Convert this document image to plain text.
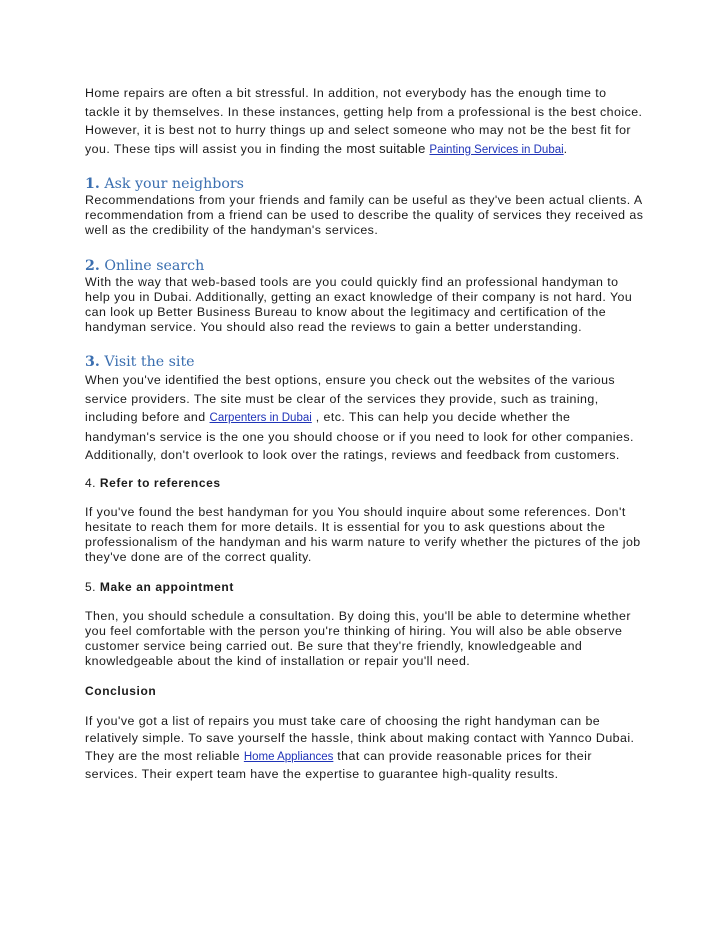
Home repairs are often a bit stressful. In addition, not everybody has the enough time to tackle it by themselves. In these instances, getting help from a professional is the best choice. However, it is best not to hurry things up and select someone who may not be the best fit for you. These tips will assist you in finding the most suitable Painting Services in Dubai.

1. Ask your neighbors

Recommendations from your friends and family can be useful as they've been actual clients. A recommendation from a friend can be used to describe the quality of services they received as well as the credibility of the handyman's services.

2. Online search

With the way that web-based tools are you could quickly find an professional handyman to help you in Dubai. Additionally, getting an exact knowledge of their company is not hard. You can look up Better Business Bureau to know about the legitimacy and certification of the handyman service. You should also read the reviews to gain a better understanding.

3. Visit the site

When you've identified the best options, ensure you check out the websites of the various service providers. The site must be clear of the services they provide, such as training, including before and Carpenters in Dubai , etc. This can help you decide whether the handyman's service is the one you should choose or if you need to look for other companies. Additionally, don't overlook to look over the ratings, reviews and feedback from customers.

4. Refer to references

If you've found the best handyman for you You should inquire about some references. Don't hesitate to reach them for more details. It is essential for you to ask questions about the professionalism of the handyman and his warm nature to verify whether the pictures of the job they've done are of the correct quality.

5. Make an appointment

Then, you should schedule a consultation. By doing this, you'll be able to determine whether you feel comfortable with the person you're thinking of hiring. You will also be able observe customer service being carried out. Be sure that they're friendly, knowledgeable and knowledgeable about the kind of installation or repair you'll need.

Conclusion

If you've got a list of repairs you must take care of choosing the right handyman can be relatively simple. To save yourself the hassle, think about making contact with Yannco Dubai. They are the most reliable Home Appliances that can provide reasonable prices for their services. Their expert team have the expertise to guarantee high-quality results.
